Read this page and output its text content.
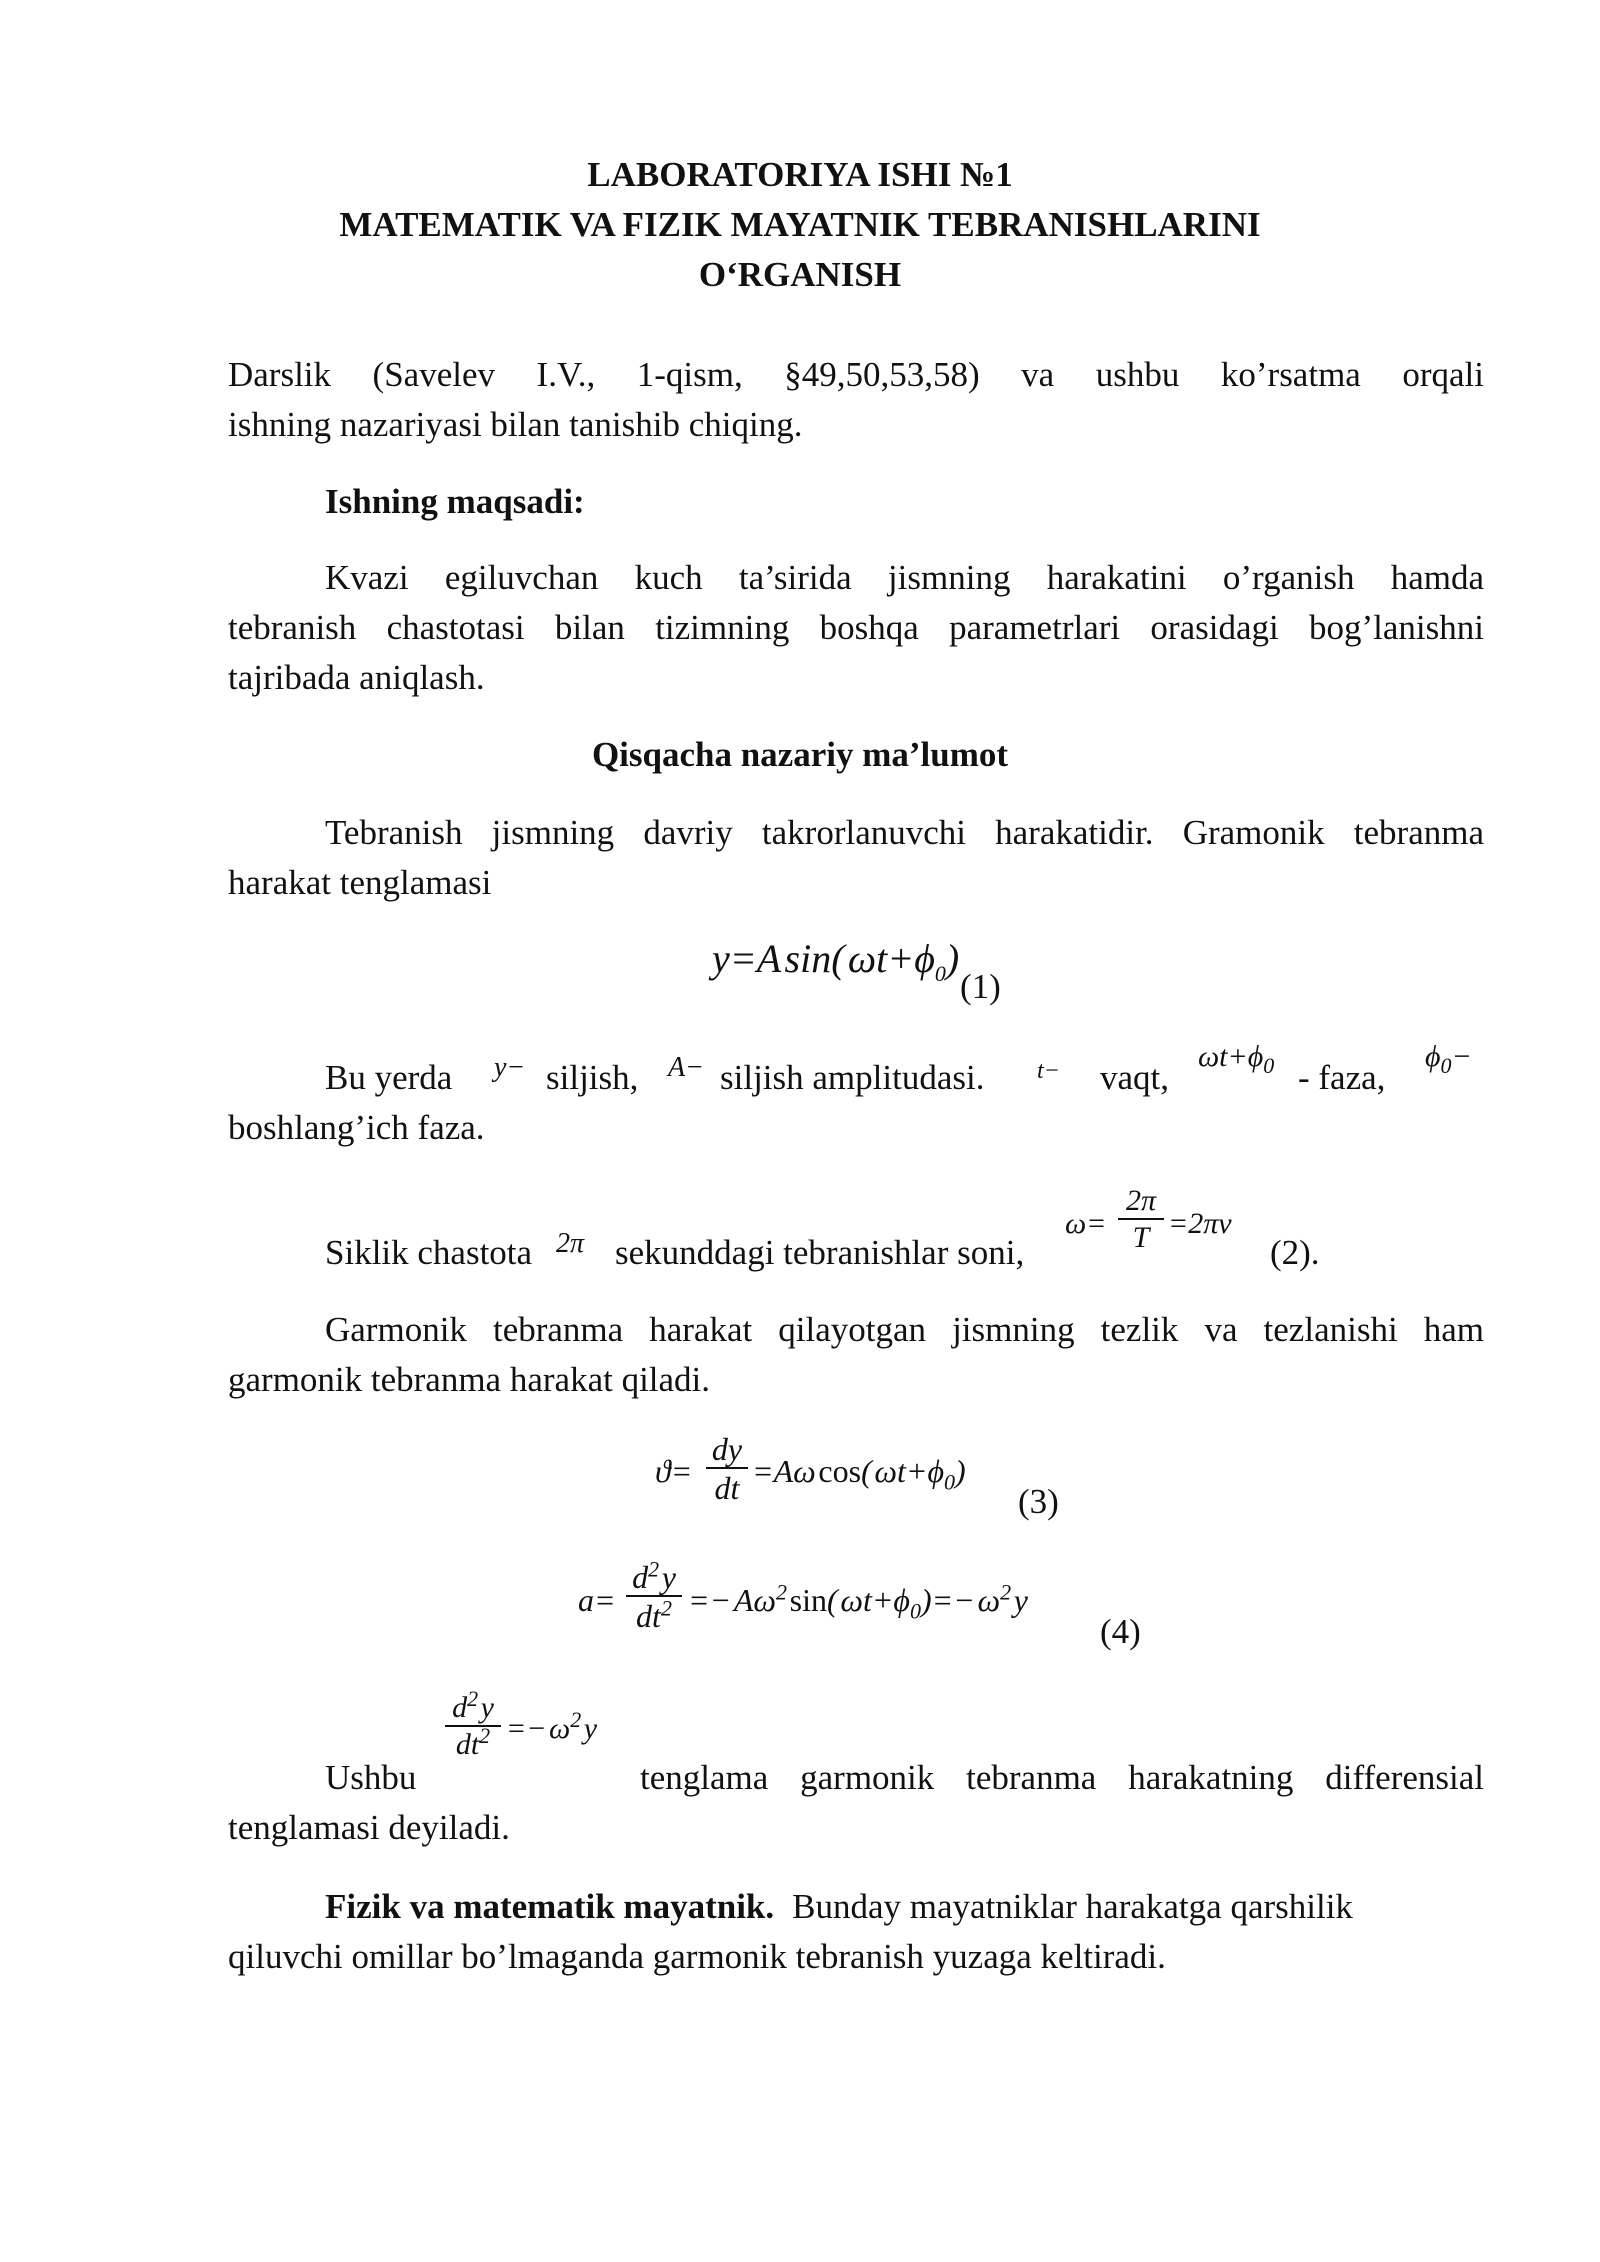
LABORATORIYA ISHI №1
MATEMATIK VA FIZIK MAYATNIK TEBRANISHLARINI
O‘RGANISH
Darslik (Savelev I.V., 1-qism, §49,50,53,58) va ushbu ko’rsatma orqali
ishning nazariyasi bilan tanishib chiqing.
Ishning maqsadi:
Kvazi egiluvchan kuch ta’sirida jismning harakatini o’rganish hamda
tebranish chastotasi bilan tizimning boshqa parametrlari orasidagi bog’lanishni
tajribada aniqlash.
Qisqacha nazariy ma’lumot
Tebranish jismning davriy takrorlanuvchi harakatidir. Gramonik tebranma
harakat tenglamasi
y=A sin( $\omega t+\phi_0$)
(1)
Bu yerda y− siljish, A− siljish amplitudasi. t− vaqt,
$\omega t+\phi_0$ - faza,
$\phi_0-$
boshlang’ich faza.
Siklik chastota 2π sekunddagi tebranishlar soni,
ω=
2π
T =2πν
(2).
Garmonik tebranma harakat qilayotgan jismning tezlik va tezlanishi ham
garmonik tebranma harakat qiladi.
ϑ=
dy
dt =Aω cos( $\omega t+\phi_0$)
(3)
a=
$d^2$ y
$dt^2$ =− $A\omega^2$ sin( $\omega t+\phi_0)=-$ $\omega^2$ y
(4)
$d^2$ y
$dt^2$ =− $\omega^2$ y
Ushbu	tenglama garmonik tebranma harakatning differensial
tenglamasi deyiladi.
Fizik va matematik mayatnik. Bunday mayatniklar harakatga qarshilik
qiluvchi omillar bo’lmaganda garmonik tebranish yuzaga keltiradi.
